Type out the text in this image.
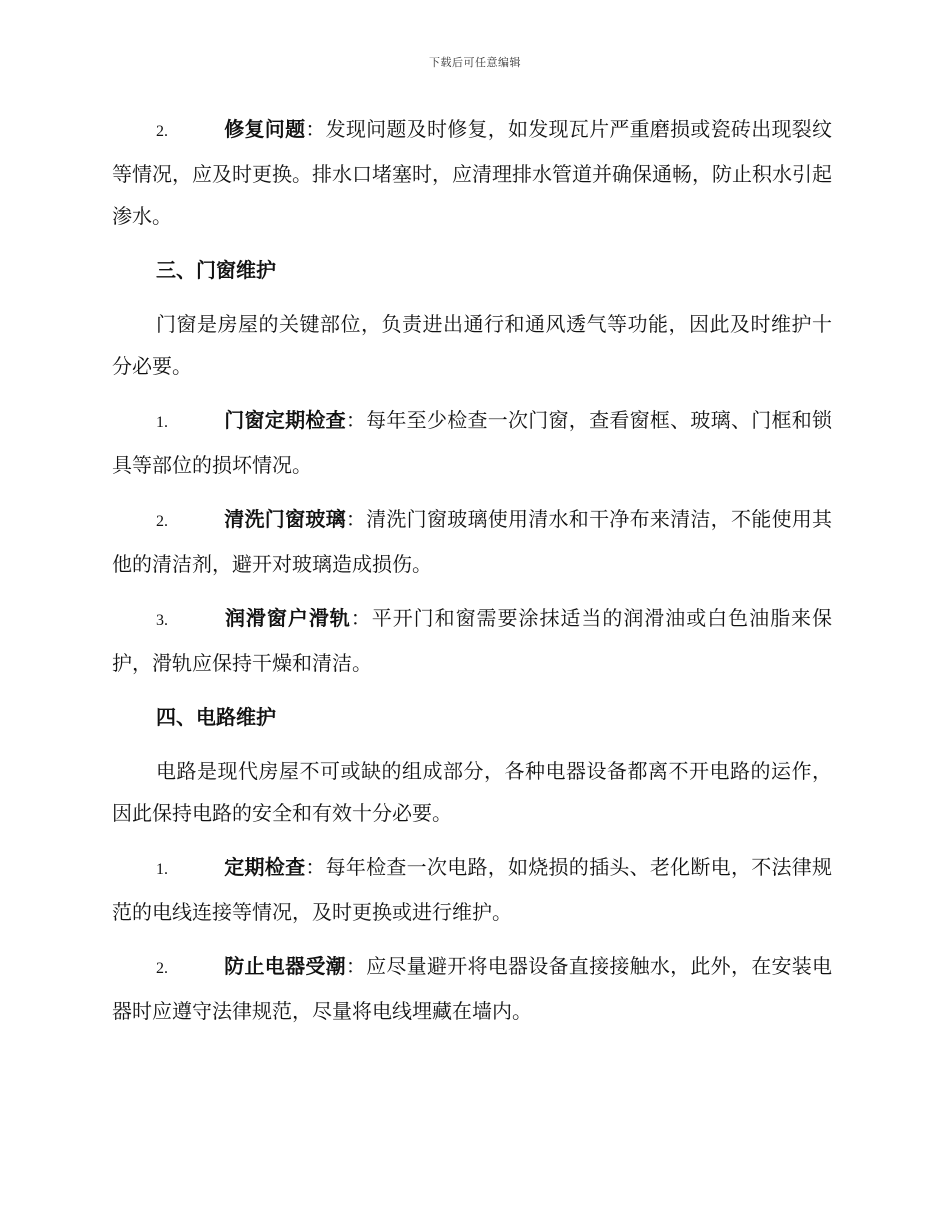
下载后可任意编辑

2.	修复问题：发现问题及时修复，如发现瓦片严重磨损或瓷砖出现裂纹等情况，应及时更换。排水口堵塞时，应清理排水管道并确保通畅，防止积水引起渗水。

三、门窗维护

门窗是房屋的关键部位，负责进出通行和通风透气等功能，因此及时维护十分必要。

1.	门窗定期检查：每年至少检查一次门窗，查看窗框、玻璃、门框和锁具等部位的损坏情况。

2.	清洗门窗玻璃：清洗门窗玻璃使用清水和干净布来清洁，不能使用其他的清洁剂，避开对玻璃造成损伤。

3.	润滑窗户滑轨：平开门和窗需要涂抹适当的润滑油或白色油脂来保护，滑轨应保持干燥和清洁。

四、电路维护

电路是现代房屋不可或缺的组成部分，各种电器设备都离不开电路的运作，因此保持电路的安全和有效十分必要。

1.	定期检查：每年检查一次电路，如烧损的插头、老化断电，不法律规范的电线连接等情况，及时更换或进行维护。

2.	防止电器受潮：应尽量避开将电器设备直接接触水，此外，在安装电器时应遵守法律规范，尽量将电线埋藏在墙内。
